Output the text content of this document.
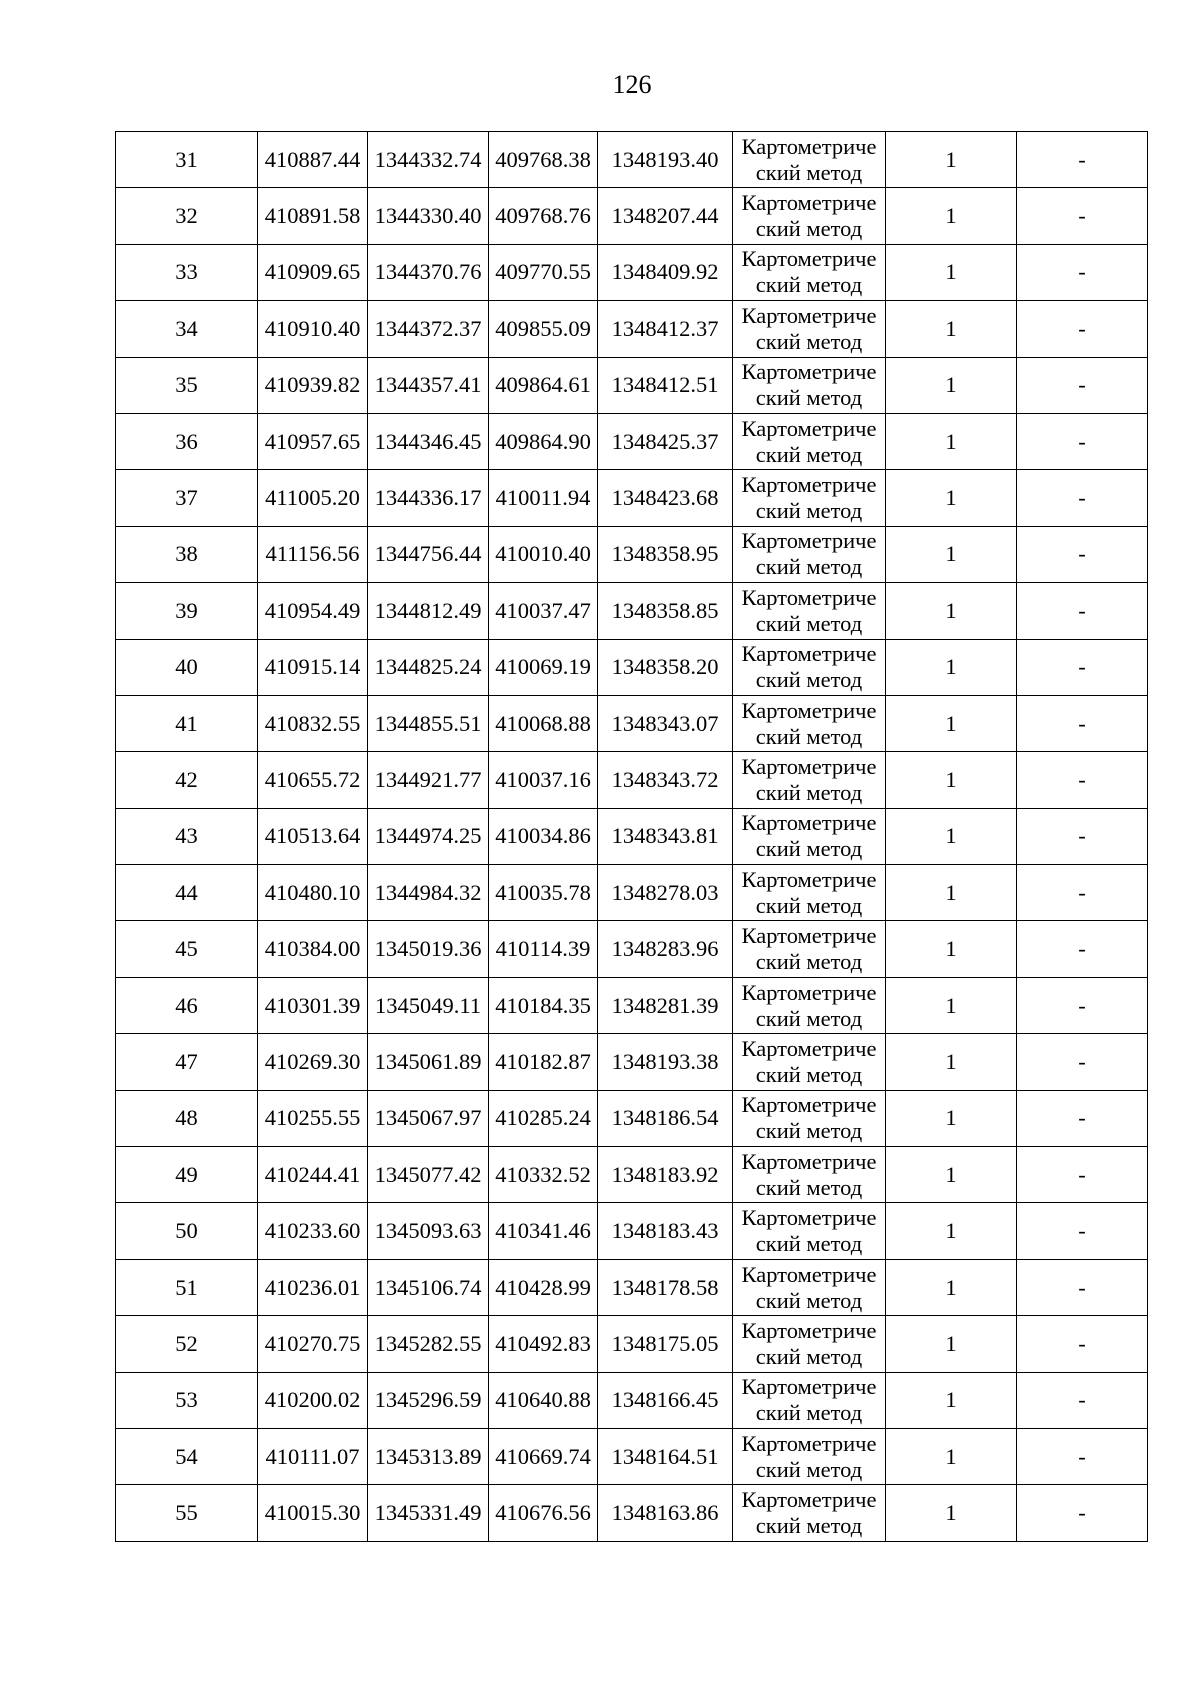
126
31	410887.44	1344332.74	409768.38	1348193.40	Картометриче
ский метод	1	-
32	410891.58	1344330.40	409768.76	1348207.44	Картометриче
ский метод	1	-
33	410909.65	1344370.76	409770.55	1348409.92	Картометриче
ский метод	1	-
34	410910.40	1344372.37	409855.09	1348412.37	Картометриче
ский метод	1	-
35	410939.82	1344357.41	409864.61	1348412.51	Картометриче
ский метод	1	-
36	410957.65	1344346.45	409864.90	1348425.37	Картометриче
ский метод	1	-
37	411005.20	1344336.17	410011.94	1348423.68	Картометриче
ский метод	1	-
38	411156.56	1344756.44	410010.40	1348358.95	Картометриче
ский метод	1	-
39	410954.49	1344812.49	410037.47	1348358.85	Картометриче
ский метод	1	-
40	410915.14	1344825.24	410069.19	1348358.20	Картометриче
ский метод	1	-
41	410832.55	1344855.51	410068.88	1348343.07	Картометриче
ский метод	1	-
42	410655.72	1344921.77	410037.16	1348343.72	Картометриче
ский метод	1	-
43	410513.64	1344974.25	410034.86	1348343.81	Картометриче
ский метод	1	-
44	410480.10	1344984.32	410035.78	1348278.03	Картометриче
ский метод	1	-
45	410384.00	1345019.36	410114.39	1348283.96	Картометриче
ский метод	1	-
46	410301.39	1345049.11	410184.35	1348281.39	Картометриче
ский метод	1	-
47	410269.30	1345061.89	410182.87	1348193.38	Картометриче
ский метод	1	-
48	410255.55	1345067.97	410285.24	1348186.54	Картометриче
ский метод	1	-
49	410244.41	1345077.42	410332.52	1348183.92	Картометриче
ский метод	1	-
50	410233.60	1345093.63	410341.46	1348183.43	Картометриче
ский метод	1	-
51	410236.01	1345106.74	410428.99	1348178.58	Картометриче
ский метод	1	-
52	410270.75	1345282.55	410492.83	1348175.05	Картометриче
ский метод	1	-
53	410200.02	1345296.59	410640.88	1348166.45	Картометриче
ский метод	1	-
54	410111.07	1345313.89	410669.74	1348164.51	Картометриче
ский метод	1	-
55	410015.30	1345331.49	410676.56	1348163.86	Картометриче
ский метод	1	-
